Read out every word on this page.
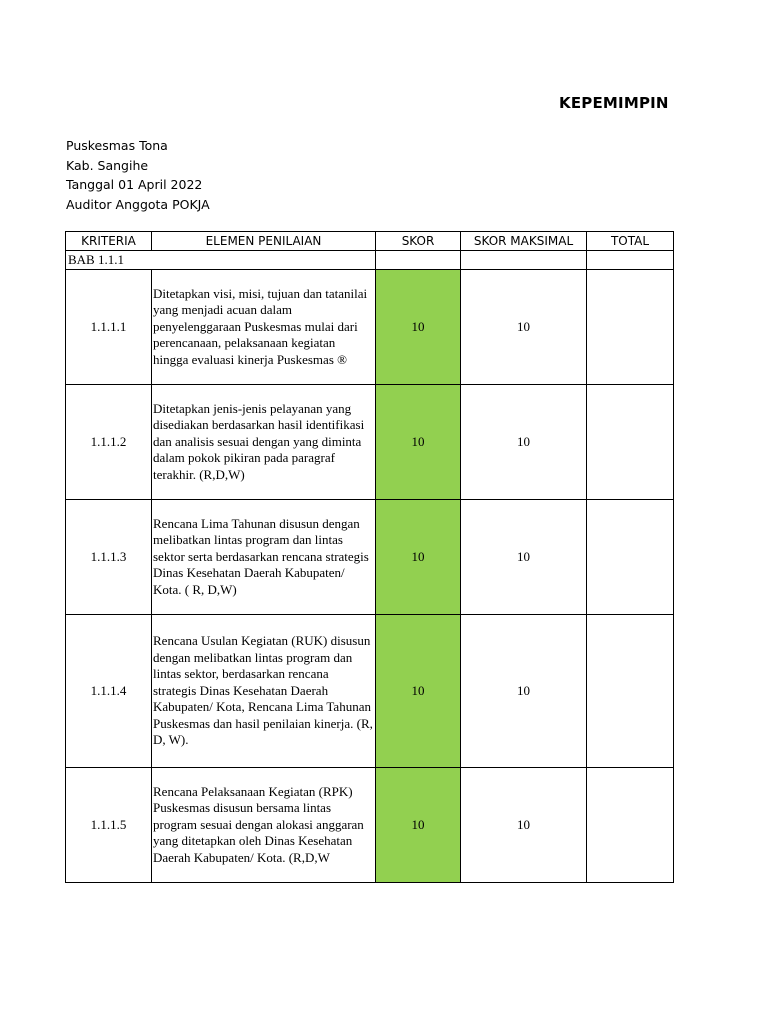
KEPEMIMPIN
Puskesmas Tona
Kab. Sangihe
Tanggal 01 April 2022
Auditor Anggota POKJA
KRITERIA	ELEMEN PENILAIAN	SKOR	SKOR MAKSIMAL	TOTAL
BAB 1.1.1				
1.1.1.1	Ditetapkan visi, misi, tujuan dan tatanilai yang menjadi acuan dalam penyelenggaraan Puskesmas mulai dari perencanaan, pelaksanaan kegiatan hingga evaluasi kinerja Puskesmas ®	10	10	
1.1.1.2	Ditetapkan jenis-jenis pelayanan yang disediakan berdasarkan hasil identifikasi dan analisis sesuai dengan yang diminta dalam pokok pikiran pada paragraf terakhir. (R,D,W)	10	10	
1.1.1.3	Rencana Lima Tahunan disusun dengan melibatkan lintas program dan lintas sektor serta berdasarkan rencana strategis Dinas Kesehatan Daerah Kabupaten/ Kota. ( R, D,W)	10	10	
1.1.1.4	Rencana Usulan Kegiatan (RUK) disusun dengan melibatkan lintas program dan lintas sektor, berdasarkan rencana strategis Dinas Kesehatan Daerah Kabupaten/ Kota, Rencana Lima Tahunan Puskesmas dan hasil penilaian kinerja. (R, D, W).	10	10	
1.1.1.5	Rencana Pelaksanaan Kegiatan (RPK) Puskesmas disusun bersama lintas program sesuai dengan alokasi anggaran yang ditetapkan oleh Dinas Kesehatan Daerah Kabupaten/ Kota. (R,D,W	10	10	
